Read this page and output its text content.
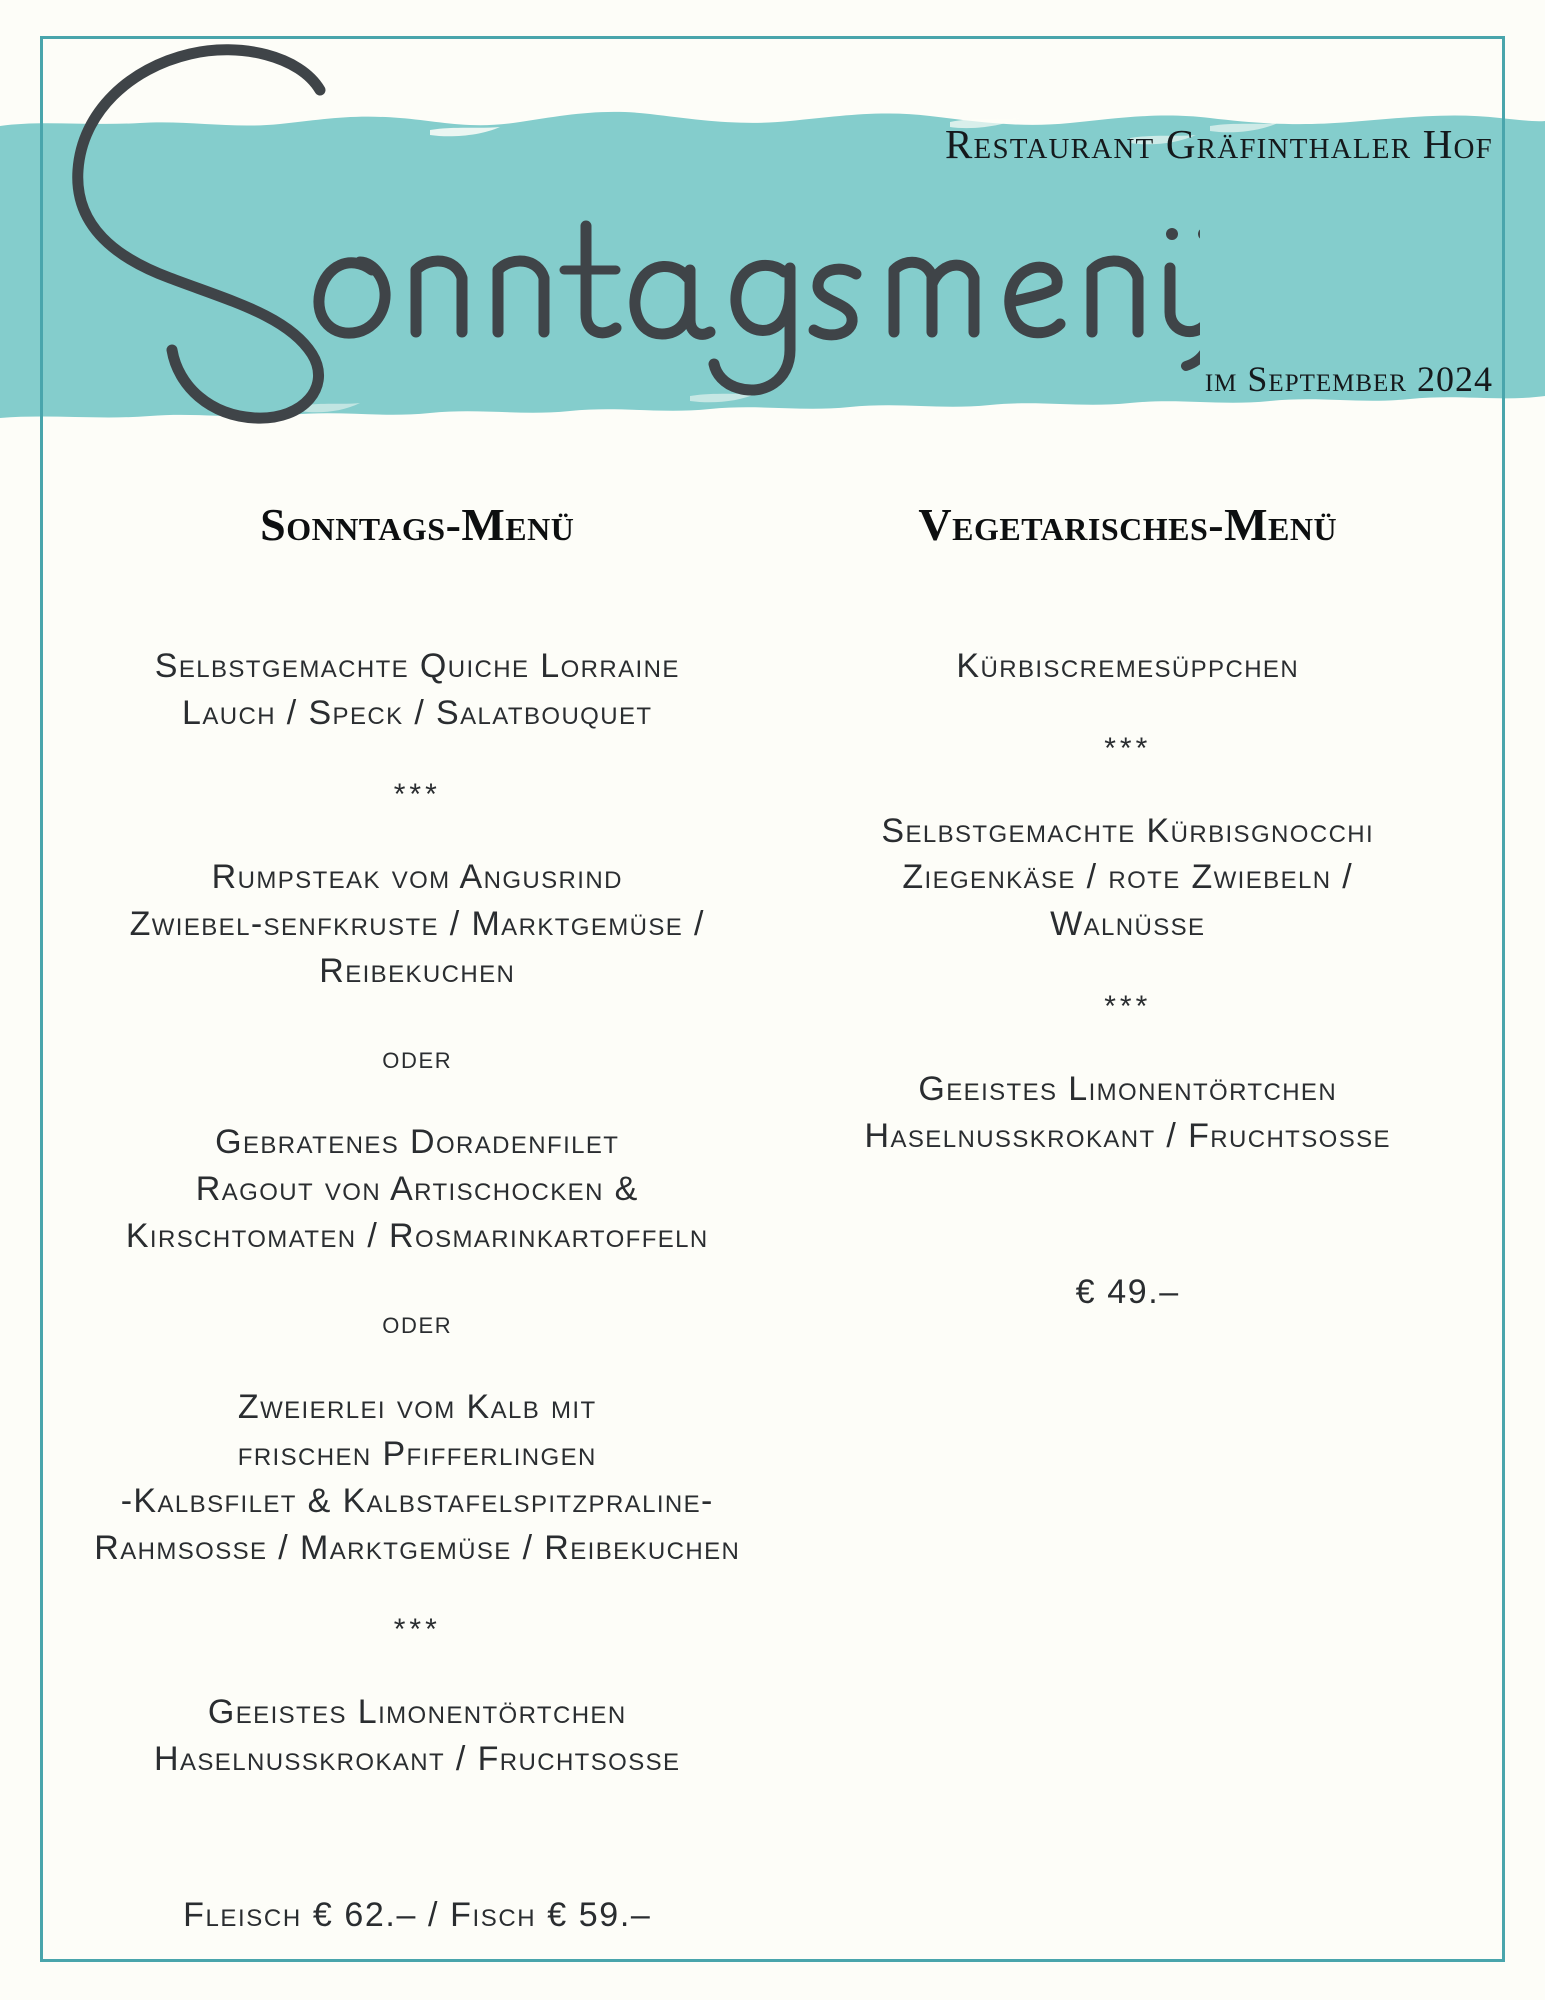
Restaurant Gräfinthaler Hof
im September 2024
Sonntags-Menü
Selbstgemachte Quiche Lorraine
Lauch / Speck / Salatbouquet
***
Rumpsteak vom Angusrind
Zwiebel-senfkruste / Marktgemüse /
Reibekuchen
oder
Gebratenes Doradenfilet
Ragout von Artischocken &
Kirschtomaten / Rosmarinkartoffeln
oder
Zweierlei vom Kalb mit
frischen Pfifferlingen
-Kalbsfilet & Kalbstafelspitzpraline-
Rahmsosse / Marktgemüse / Reibekuchen
***
Geeistes Limonentörtchen
Haselnusskrokant / Fruchtsosse
Fleisch € 62.– / Fisch € 59.–
Vegetarisches-Menü
Kürbiscremesüppchen
***
Selbstgemachte Kürbisgnocchi
Ziegenkäse / rote Zwiebeln /
Walnüsse
***
Geeistes Limonentörtchen
Haselnusskrokant / Fruchtsosse
€ 49.–
